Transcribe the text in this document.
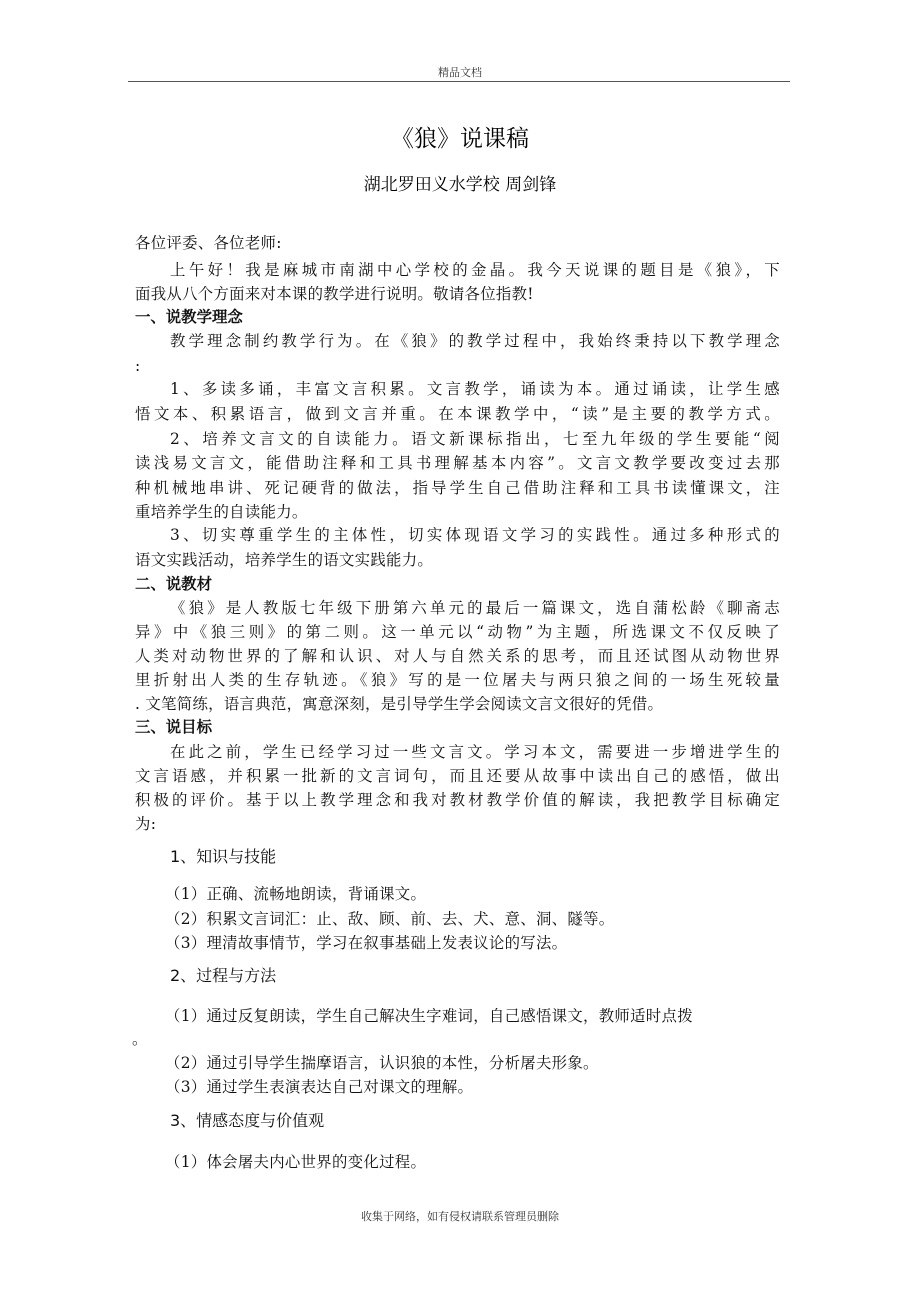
精品文档
《狼》说课稿
湖北罗田义水学校 周剑锋
各位评委、各位老师:
上午好！我是麻城市南湖中心学校的金晶。我今天说课的题目是《狼》，下
面我从八个方面来对本课的教学进行说明。敬请各位指教!
一、说教学理念
教学理念制约教学行为。在《狼》的教学过程中，我始终秉持以下教学理念
:
1、多读多诵，丰富文言积累。文言教学，诵读为本。通过诵读，让学生感
悟文本、积累语言，做到文言并重。在本课教学中，“读”是主要的教学方式。
2、培养文言文的自读能力。语文新课标指出，七至九年级的学生要能“阅
读浅易文言文，能借助注释和工具书理解基本内容”。文言文教学要改变过去那
种机械地串讲、死记硬背的做法，指导学生自己借助注释和工具书读懂课文，注
重培养学生的自读能力。
3、切实尊重学生的主体性，切实体现语文学习的实践性。通过多种形式的
语文实践活动，培养学生的语文实践能力。
二、说教材
《狼》是人教版七年级下册第六单元的最后一篇课文，选自蒲松龄《聊斋志
异》中《狼三则》的第二则。这一单元以“动物”为主题，所选课文不仅反映了
人类对动物世界的了解和认识、对人与自然关系的思考，而且还试图从动物世界
里折射出人类的生存轨迹。《狼》写的是一位屠夫与两只狼之间的一场生死较量
. 文笔简练，语言典范，寓意深刻，是引导学生学会阅读文言文很好的凭借。
三、说目标
在此之前，学生已经学习过一些文言文。学习本文，需要进一步增进学生的
文言语感，并积累一批新的文言词句，而且还要从故事中读出自己的感悟，做出
积极的评价。基于以上教学理念和我对教材教学价值的解读，我把教学目标确定
为:
1、知识与技能
（1）正确、流畅地朗读，背诵课文。
（2）积累文言词汇：止、敌、顾、前、去、犬、意、洞、隧等。
（3）理清故事情节，学习在叙事基础上发表议论的写法。
2、过程与方法
（1）通过反复朗读，学生自己解决生字难词，自己感悟课文，教师适时点拨
。
（2）通过引导学生揣摩语言，认识狼的本性，分析屠夫形象。
（3）通过学生表演表达自己对课文的理解。
3、情感态度与价值观
（1）体会屠夫内心世界的变化过程。
收集于网络，如有侵权请联系管理员删除
